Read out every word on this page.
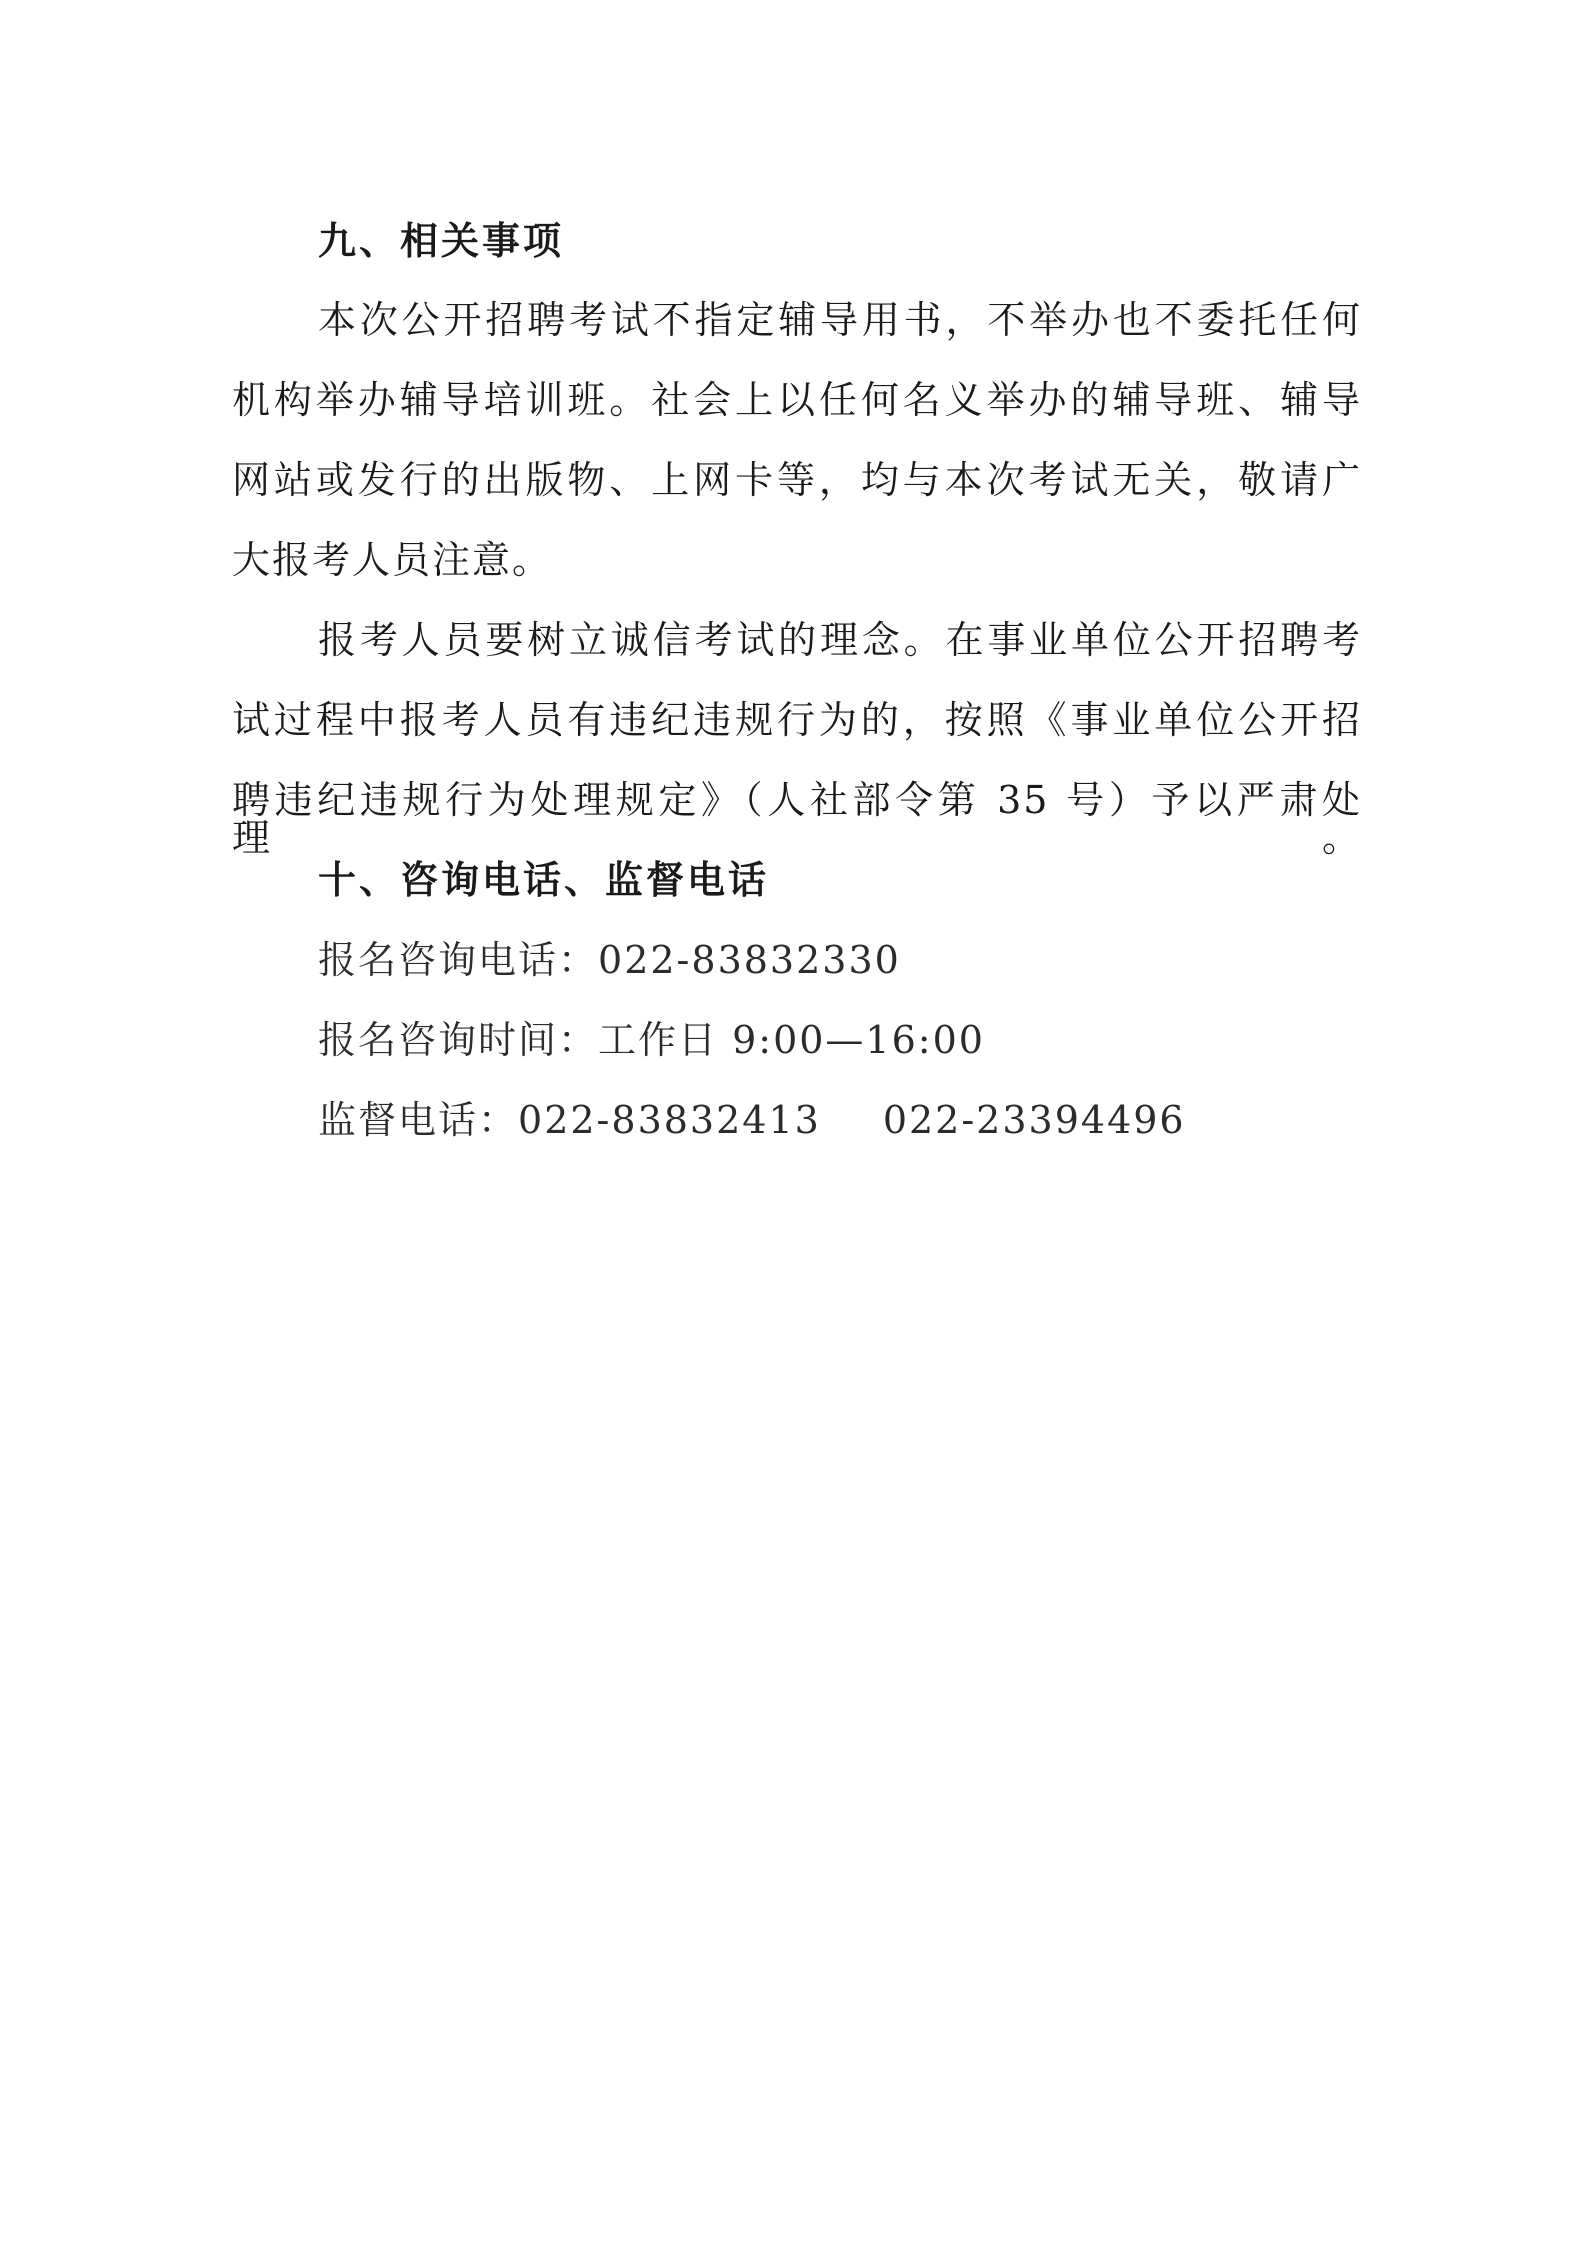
九、相关事项
本次公开招聘考试不指定辅导用书，不举办也不委托任何
机构举办辅导培训班。社会上以任何名义举办的辅导班、辅导
网站或发行的出版物、上网卡等，均与本次考试无关，敬请广
大报考人员注意。
报考人员要树立诚信考试的理念。在事业单位公开招聘考
试过程中报考人员有违纪违规行为的，按照《事业单位公开招
聘违纪违规行为处理规定》（人社部令第 35 号）予以严肃处理。
十、咨询电话、监督电话
报名咨询电话：022-83832330
报名咨询时间：工作日 9:00—16:00
监督电话：022-83832413 022-23394496
